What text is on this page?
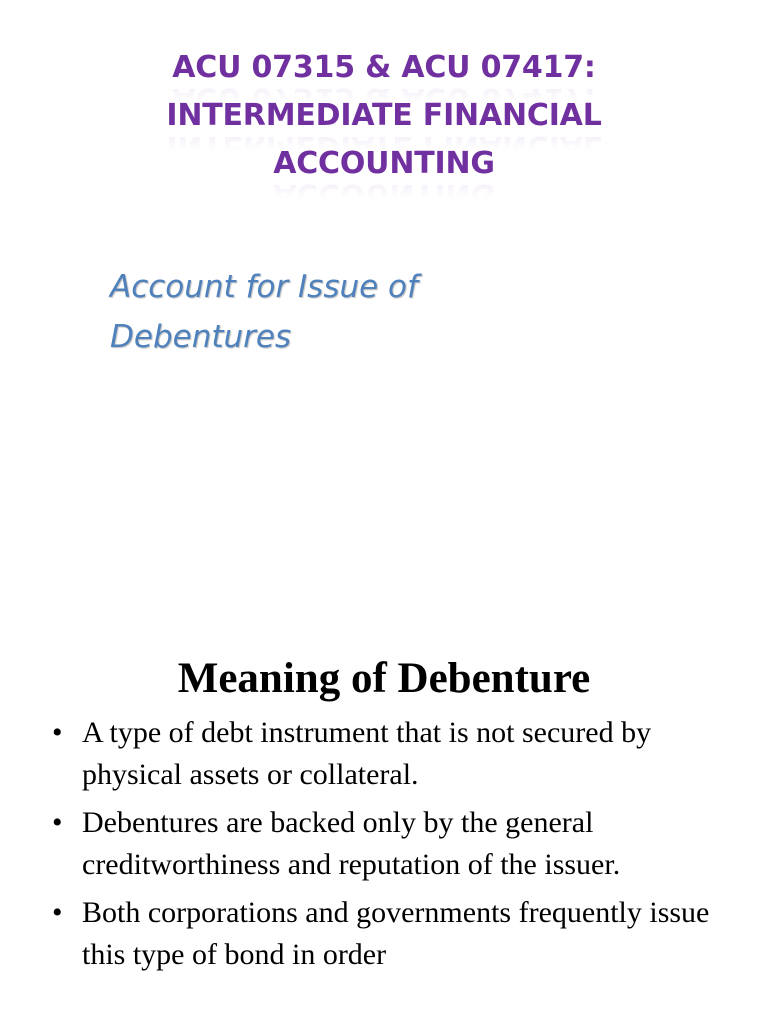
ACU 07315 & ACU 07417: ACU 07315 & ACU 07417:
INTERMEDIATE FINANCIAL INTERMEDIATE FINANCIAL
ACCOUNTING ACCOUNTING
Account for Issue of
Debentures
Meaning of Debenture
• A type of debt instrument that is not secured by physical assets or collateral.
• Debentures are backed only by the general creditworthiness and reputation of the issuer.
• Both corporations and governments frequently issue this type of bond in order
